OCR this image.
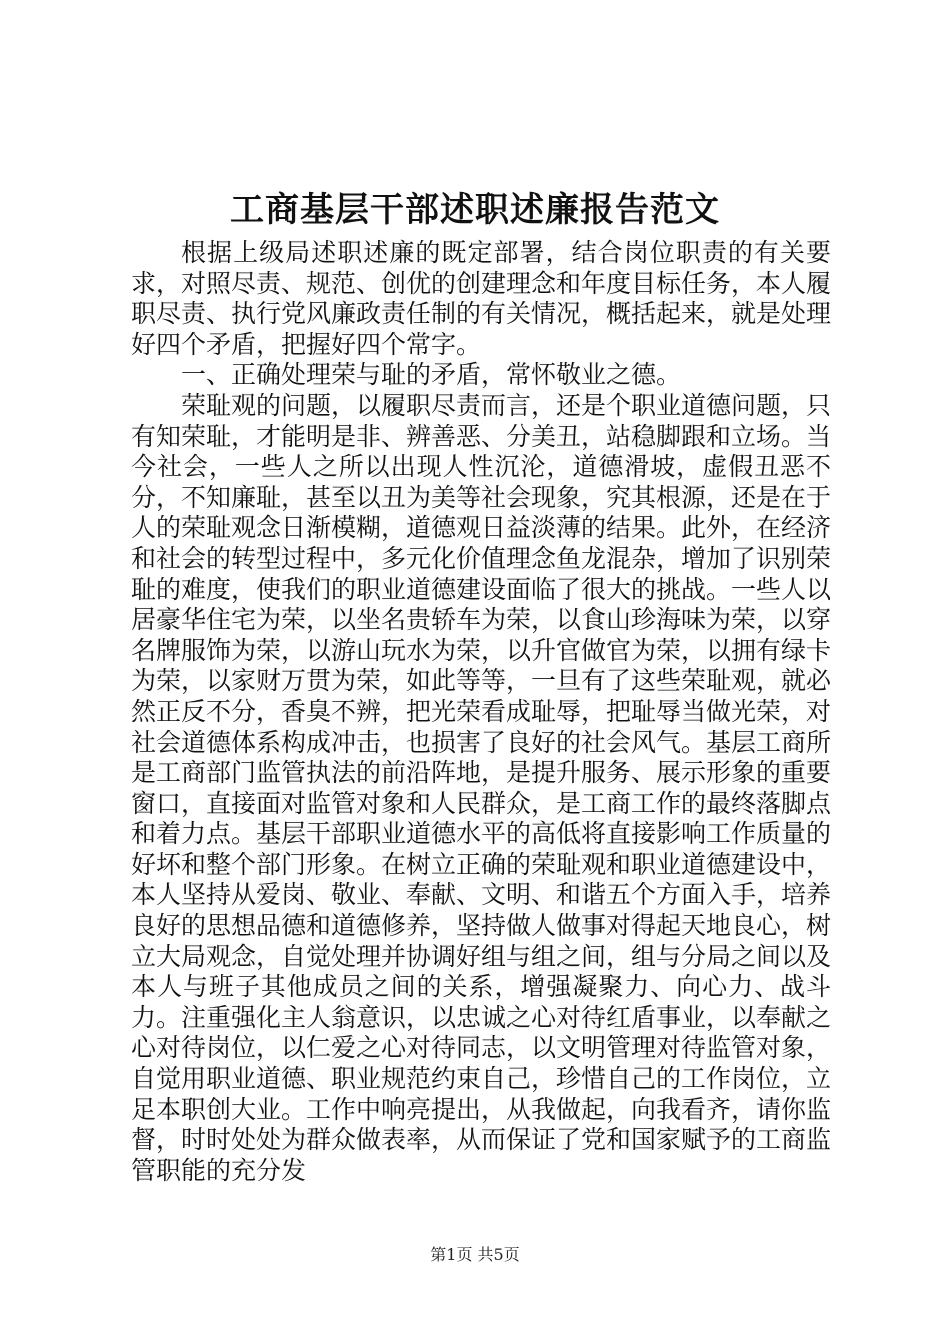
工商基层干部述职述廉报告范文

根据上级局述职述廉的既定部署，结合岗位职责的有关要求，对照尽责、规范、创优的创建理念和年度目标任务，本人履职尽责、执行党风廉政责任制的有关情况，概括起来，就是处理好四个矛盾，把握好四个常字。

一、正确处理荣与耻的矛盾，常怀敬业之德。

荣耻观的问题，以履职尽责而言，还是个职业道德问题，只有知荣耻，才能明是非、辨善恶、分美丑，站稳脚跟和立场。当今社会，一些人之所以出现人性沉沦，道德滑坡，虚假丑恶不分，不知廉耻，甚至以丑为美等社会现象，究其根源，还是在于人的荣耻观念日渐模糊，道德观日益淡薄的结果。此外，在经济和社会的转型过程中，多元化价值理念鱼龙混杂，增加了识别荣耻的难度，使我们的职业道德建设面临了很大的挑战。一些人以居豪华住宅为荣，以坐名贵轿车为荣，以食山珍海味为荣，以穿名牌服饰为荣，以游山玩水为荣，以升官做官为荣，以拥有绿卡为荣，以家财万贯为荣，如此等等，一旦有了这些荣耻观，就必然正反不分，香臭不辨，把光荣看成耻辱，把耻辱当做光荣，对社会道德体系构成冲击，也损害了良好的社会风气。基层工商所是工商部门监管执法的前沿阵地，是提升服务、展示形象的重要窗口，直接面对监管对象和人民群众，是工商工作的最终落脚点和着力点。基层干部职业道德水平的高低将直接影响工作质量的好坏和整个部门形象。在树立正确的荣耻观和职业道德建设中，本人坚持从爱岗、敬业、奉献、文明、和谐五个方面入手，培养良好的思想品德和道德修养，坚持做人做事对得起天地良心，树立大局观念，自觉处理并协调好组与组之间，组与分局之间以及本人与班子其他成员之间的关系，增强凝聚力、向心力、战斗力。注重强化主人翁意识，以忠诚之心对待红盾事业，以奉献之心对待岗位，以仁爱之心对待同志，以文明管理对待监管对象，自觉用职业道德、职业规范约束自己，珍惜自己的工作岗位，立足本职创大业。工作中响亮提出，从我做起，向我看齐，请你监督，时时处处为群众做表率，从而保证了党和国家赋予的工商监管职能的充分发

第1页 共5页
